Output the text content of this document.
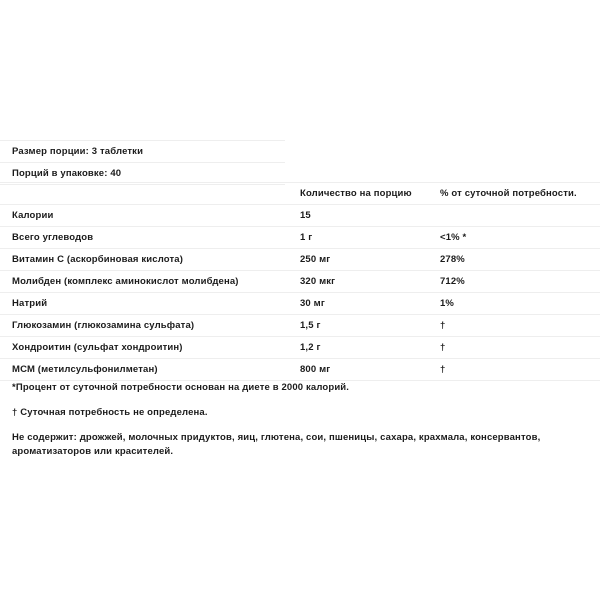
Размер порции: 3 таблетки
Порций в упаковке: 40
	Количество на порцию	% от суточной потребности.
Калории	15	
Всего углеводов	1 г	<1% *
Витамин С (аскорбиновая кислота)	250 мг	278%
Молибден (комплекс аминокислот молибдена)	320 мкг	712%
Натрий	30 мг	1%
Глюкозамин (глюкозамина сульфата)	1,5 г	†
Хондроитин (сульфат хондроитин)	1,2 г	†
МСМ (метилсульфонилметан)	800 мг	†
*Процент от суточной потребности основан на диете в 2000 калорий.
† Суточная потребность не определена.
Не содержит: дрожжей, молочных придуктов, яиц, глютена, сои, пшеницы, сахара, крахмала, консервантов, ароматизаторов или красителей.
